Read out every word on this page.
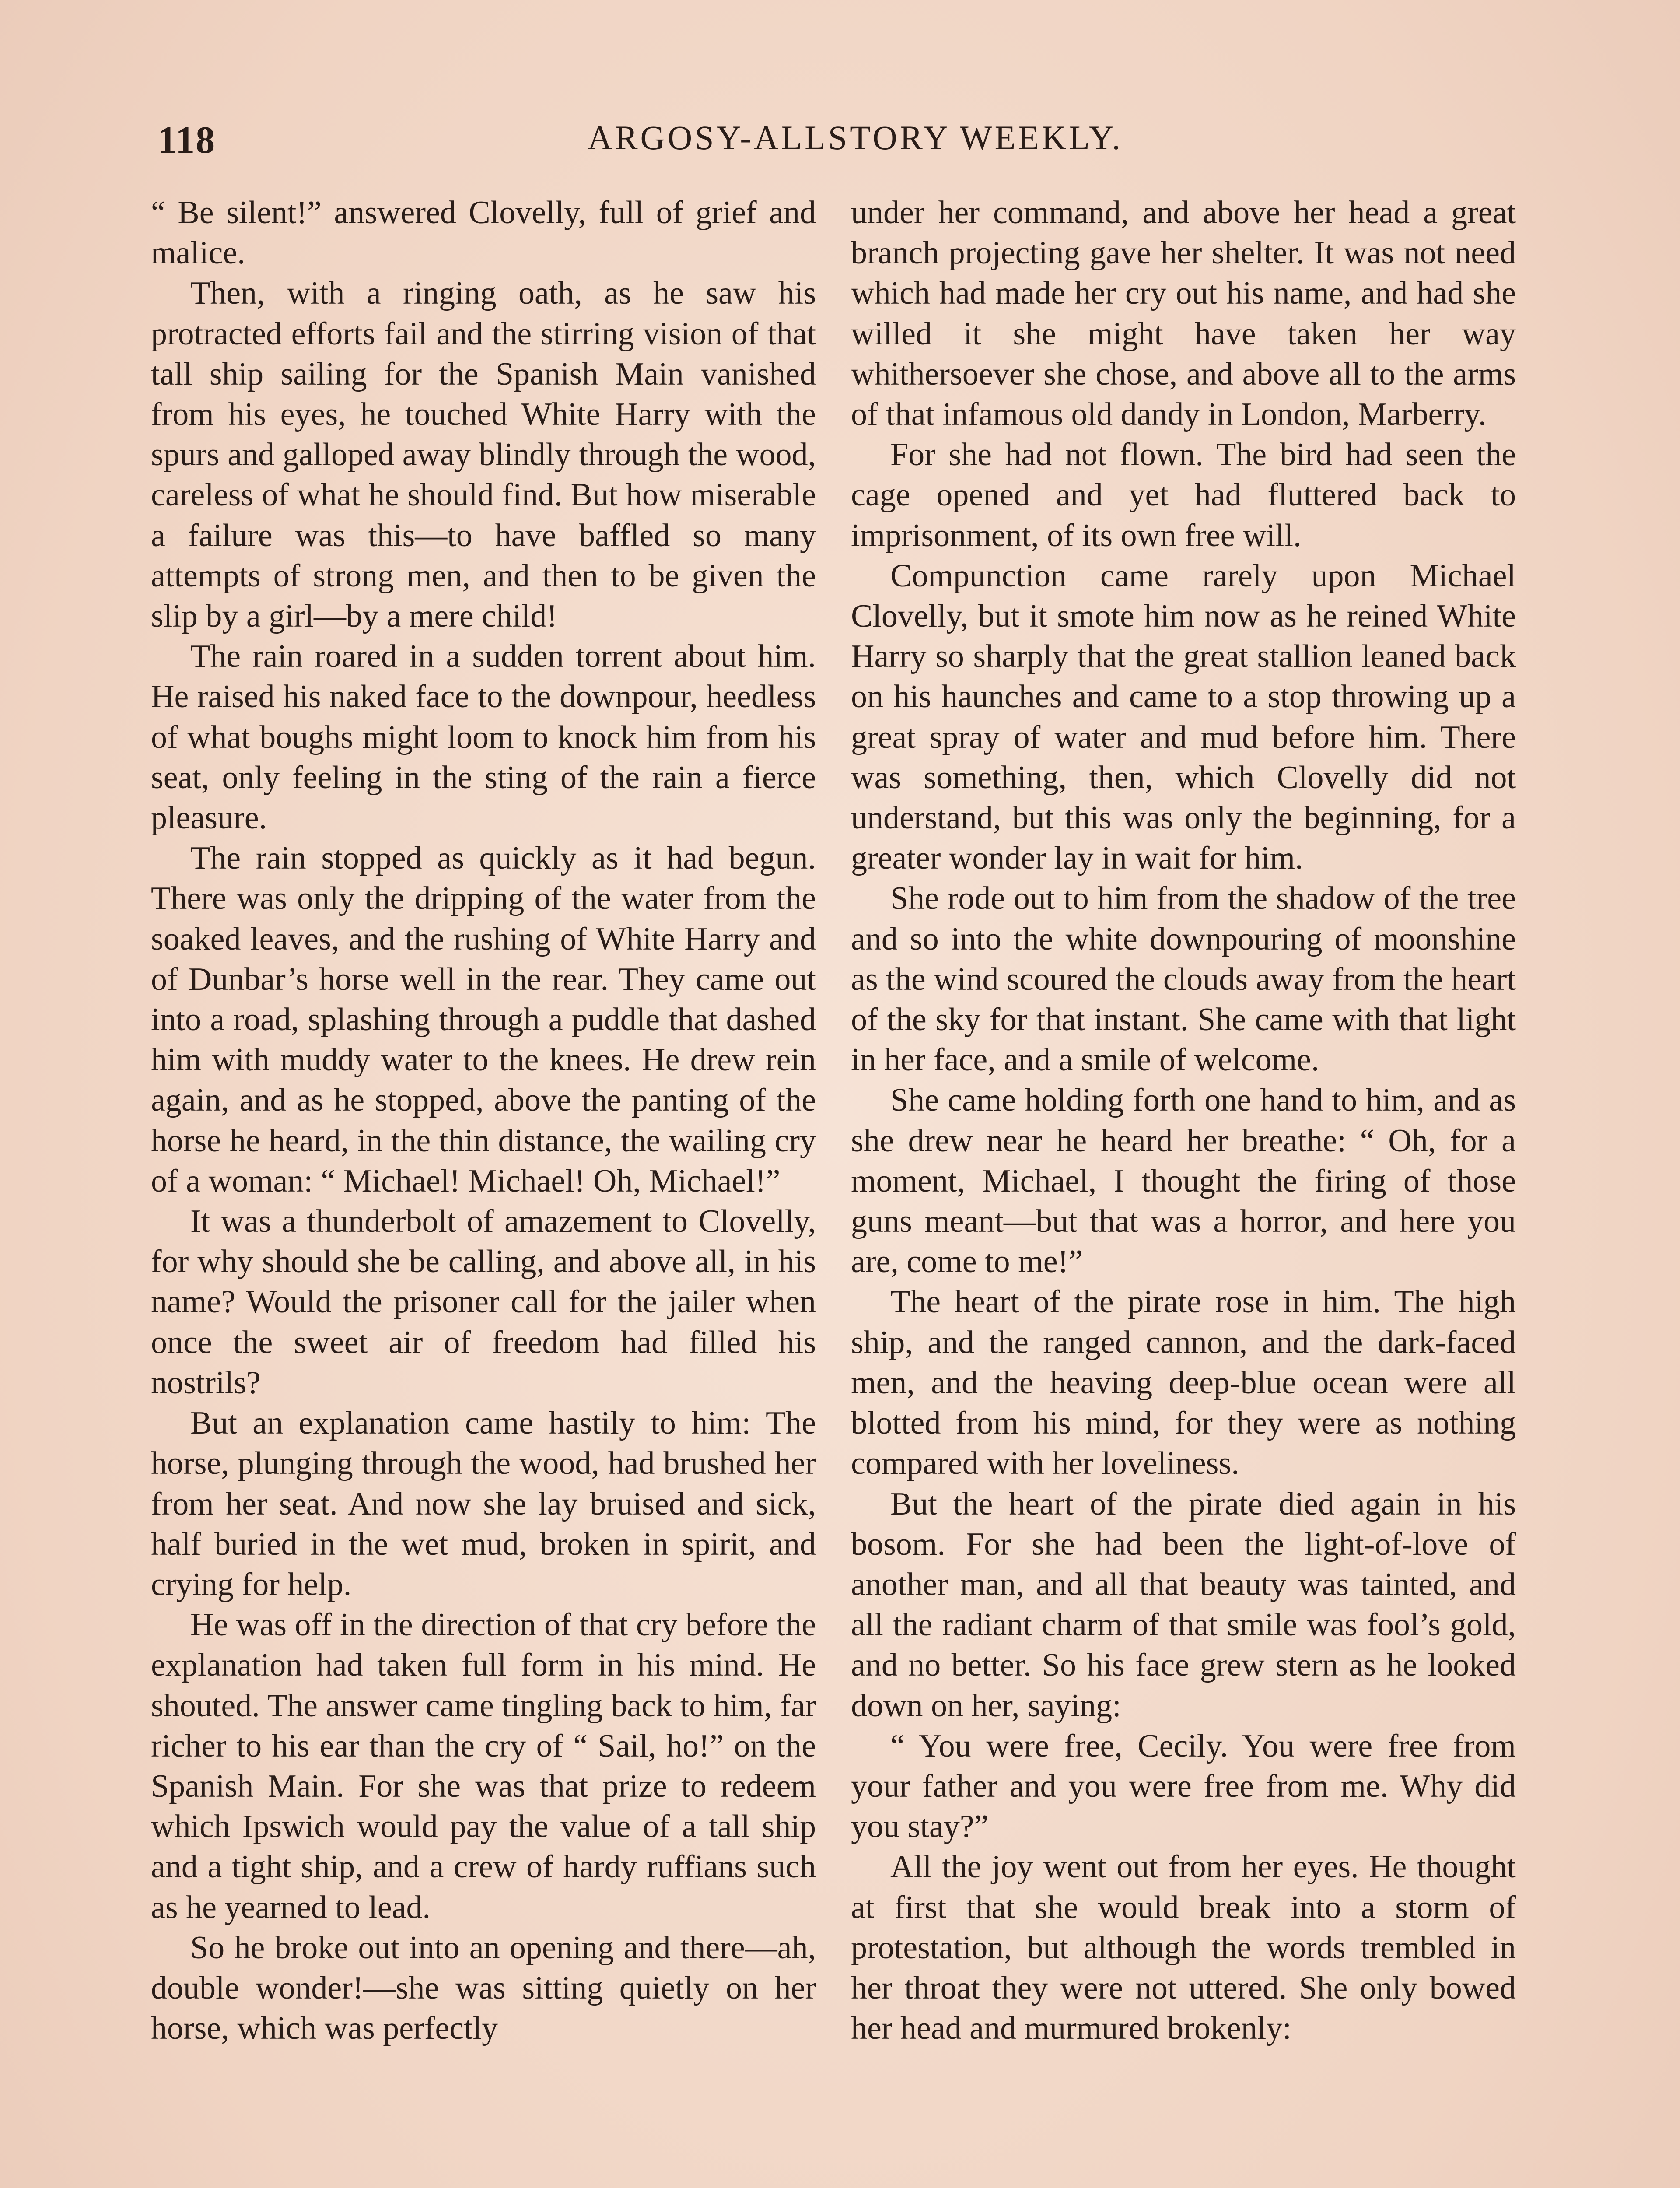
118	ARGOSY-ALLSTORY WEEKLY.

“ Be silent!” answered Clovelly, full of grief and malice.

Then, with a ringing oath, as he saw his protracted efforts fail and the stirring vision of that tall ship sailing for the Spanish Main vanished from his eyes, he touched White Harry with the spurs and galloped away blindly through the wood, careless of what he should find. But how miserable a failure was this—to have baffled so many attempts of strong men, and then to be given the slip by a girl—by a mere child!

The rain roared in a sudden torrent about him. He raised his naked face to the downpour, heedless of what boughs might loom to knock him from his seat, only feeling in the sting of the rain a fierce pleasure.

The rain stopped as quickly as it had begun. There was only the dripping of the water from the soaked leaves, and the rushing of White Harry and of Dunbar’s horse well in the rear. They came out into a road, splashing through a puddle that dashed him with muddy water to the knees. He drew rein again, and as he stopped, above the panting of the horse he heard, in the thin distance, the wailing cry of a woman: “ Michael! Michael! Oh, Michael!”

It was a thunderbolt of amazement to Clovelly, for why should she be calling, and above all, in his name? Would the prisoner call for the jailer when once the sweet air of freedom had filled his nostrils?

But an explanation came hastily to him: The horse, plunging through the wood, had brushed her from her seat. And now she lay bruised and sick, half buried in the wet mud, broken in spirit, and crying for help.

He was off in the direction of that cry before the explanation had taken full form in his mind. He shouted. The answer came tingling back to him, far richer to his ear than the cry of “ Sail, ho!” on the Spanish Main. For she was that prize to redeem which Ipswich would pay the value of a tall ship and a tight ship, and a crew of hardy ruffians such as he yearned to lead.

So he broke out into an opening and there—ah, double wonder!—she was sitting quietly on her horse, which was perfectly

under her command, and above her head a great branch projecting gave her shelter. It was not need which had made her cry out his name, and had she willed it she might have taken her way whithersoever she chose, and above all to the arms of that infamous old dandy in London, Marberry.

For she had not flown. The bird had seen the cage opened and yet had fluttered back to imprisonment, of its own free will.

Compunction came rarely upon Michael Clovelly, but it smote him now as he reined White Harry so sharply that the great stallion leaned back on his haunches and came to a stop throwing up a great spray of water and mud before him. There was something, then, which Clovelly did not understand, but this was only the beginning, for a greater wonder lay in wait for him.

She rode out to him from the shadow of the tree and so into the white downpouring of moonshine as the wind scoured the clouds away from the heart of the sky for that instant. She came with that light in her face, and a smile of welcome.

She came holding forth one hand to him, and as she drew near he heard her breathe: “ Oh, for a moment, Michael, I thought the firing of those guns meant—but that was a horror, and here you are, come to me!”

The heart of the pirate rose in him. The high ship, and the ranged cannon, and the dark-faced men, and the heaving deep-blue ocean were all blotted from his mind, for they were as nothing compared with her loveliness.

But the heart of the pirate died again in his bosom. For she had been the light-of-love of another man, and all that beauty was tainted, and all the radiant charm of that smile was fool’s gold, and no better. So his face grew stern as he looked down on her, saying:

“ You were free, Cecily. You were free from your father and you were free from me. Why did you stay?”

All the joy went out from her eyes. He thought at first that she would break into a storm of protestation, but although the words trembled in her throat they were not uttered. She only bowed her head and murmured brokenly:
